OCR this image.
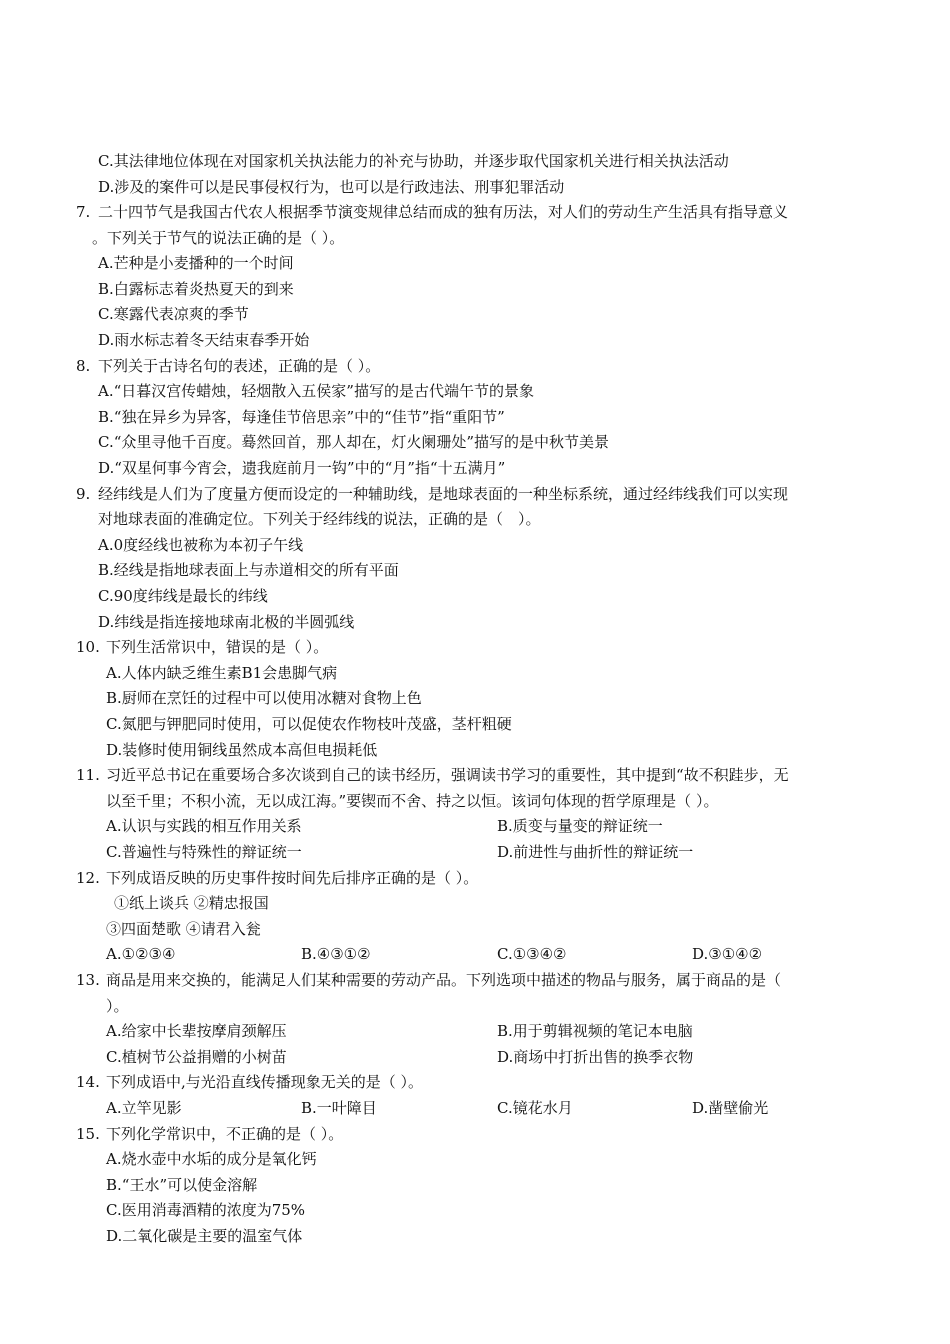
C.其法律地位体现在对国家机关执法能力的补充与协助，并逐步取代国家机关进行相关执法活动
D.涉及的案件可以是民事侵权行为，也可以是行政违法、刑事犯罪活动
7. 二十四节气是我国古代农人根据季节演变规律总结而成的独有历法，对人们的劳动生产生活具有指导意义
。下列关于节气的说法正确的是（ ）。
A.芒种是小麦播种的一个时间
B.白露标志着炎热夏天的到来
C.寒露代表凉爽的季节
D.雨水标志着冬天结束春季开始
8. 下列关于古诗名句的表述，正确的是（ ）。
A.“日暮汉宫传蜡烛，轻烟散入五侯家”描写的是古代端午节的景象
B.“独在异乡为异客，每逢佳节倍思亲”中的“佳节”指“重阳节”
C.“众里寻他千百度。蓦然回首，那人却在，灯火阑珊处”描写的是中秋节美景
D.“双星何事今宵会，遗我庭前月一钩”中的“月”指“十五满月”
9. 经纬线是人们为了度量方便而设定的一种辅助线，是地球表面的一种坐标系统，通过经纬线我们可以实现
对地球表面的准确定位。下列关于经纬线的说法，正确的是（　）。
A.0度经线也被称为本初子午线
B.经线是指地球表面上与赤道相交的所有平面
C.90度纬线是最长的纬线
D.纬线是指连接地球南北极的半圆弧线
10. 下列生活常识中，错误的是（ ）。
A.人体内缺乏维生素B1会患脚气病
B.厨师在烹饪的过程中可以使用冰糖对食物上色
C.氮肥与钾肥同时使用，可以促使农作物枝叶茂盛，茎杆粗硬
D.装修时使用铜线虽然成本高但电损耗低
11. 习近平总书记在重要场合多次谈到自己的读书经历，强调读书学习的重要性，其中提到“故不积跬步，无
以至千里；不积小流，无以成江海。”要锲而不舍、持之以恒。该词句体现的哲学原理是（ ）。
A.认识与实践的相互作用关系	B.质变与量变的辩证统一
C.普遍性与特殊性的辩证统一	D.前进性与曲折性的辩证统一
12. 下列成语反映的历史事件按时间先后排序正确的是（ ）。
①纸上谈兵 ②精忠报国
③四面楚歌 ④请君入瓮
A.①②③④	B.④③①②	C.①③④②	D.③①④②
13. 商品是用来交换的，能满足人们某种需要的劳动产品。下列选项中描述的物品与服务，属于商品的是（
）。
A.给家中长辈按摩肩颈解压	B.用于剪辑视频的笔记本电脑
C.植树节公益捐赠的小树苗	D.商场中打折出售的换季衣物
14. 下列成语中,与光沿直线传播现象无关的是（ ）。
A.立竿见影	B.一叶障目	C.镜花水月	D.凿壁偷光
15. 下列化学常识中，不正确的是（ ）。
A.烧水壶中水垢的成分是氧化钙
B.“王水”可以使金溶解
C.医用消毒酒精的浓度为75%
D.二氧化碳是主要的温室气体
